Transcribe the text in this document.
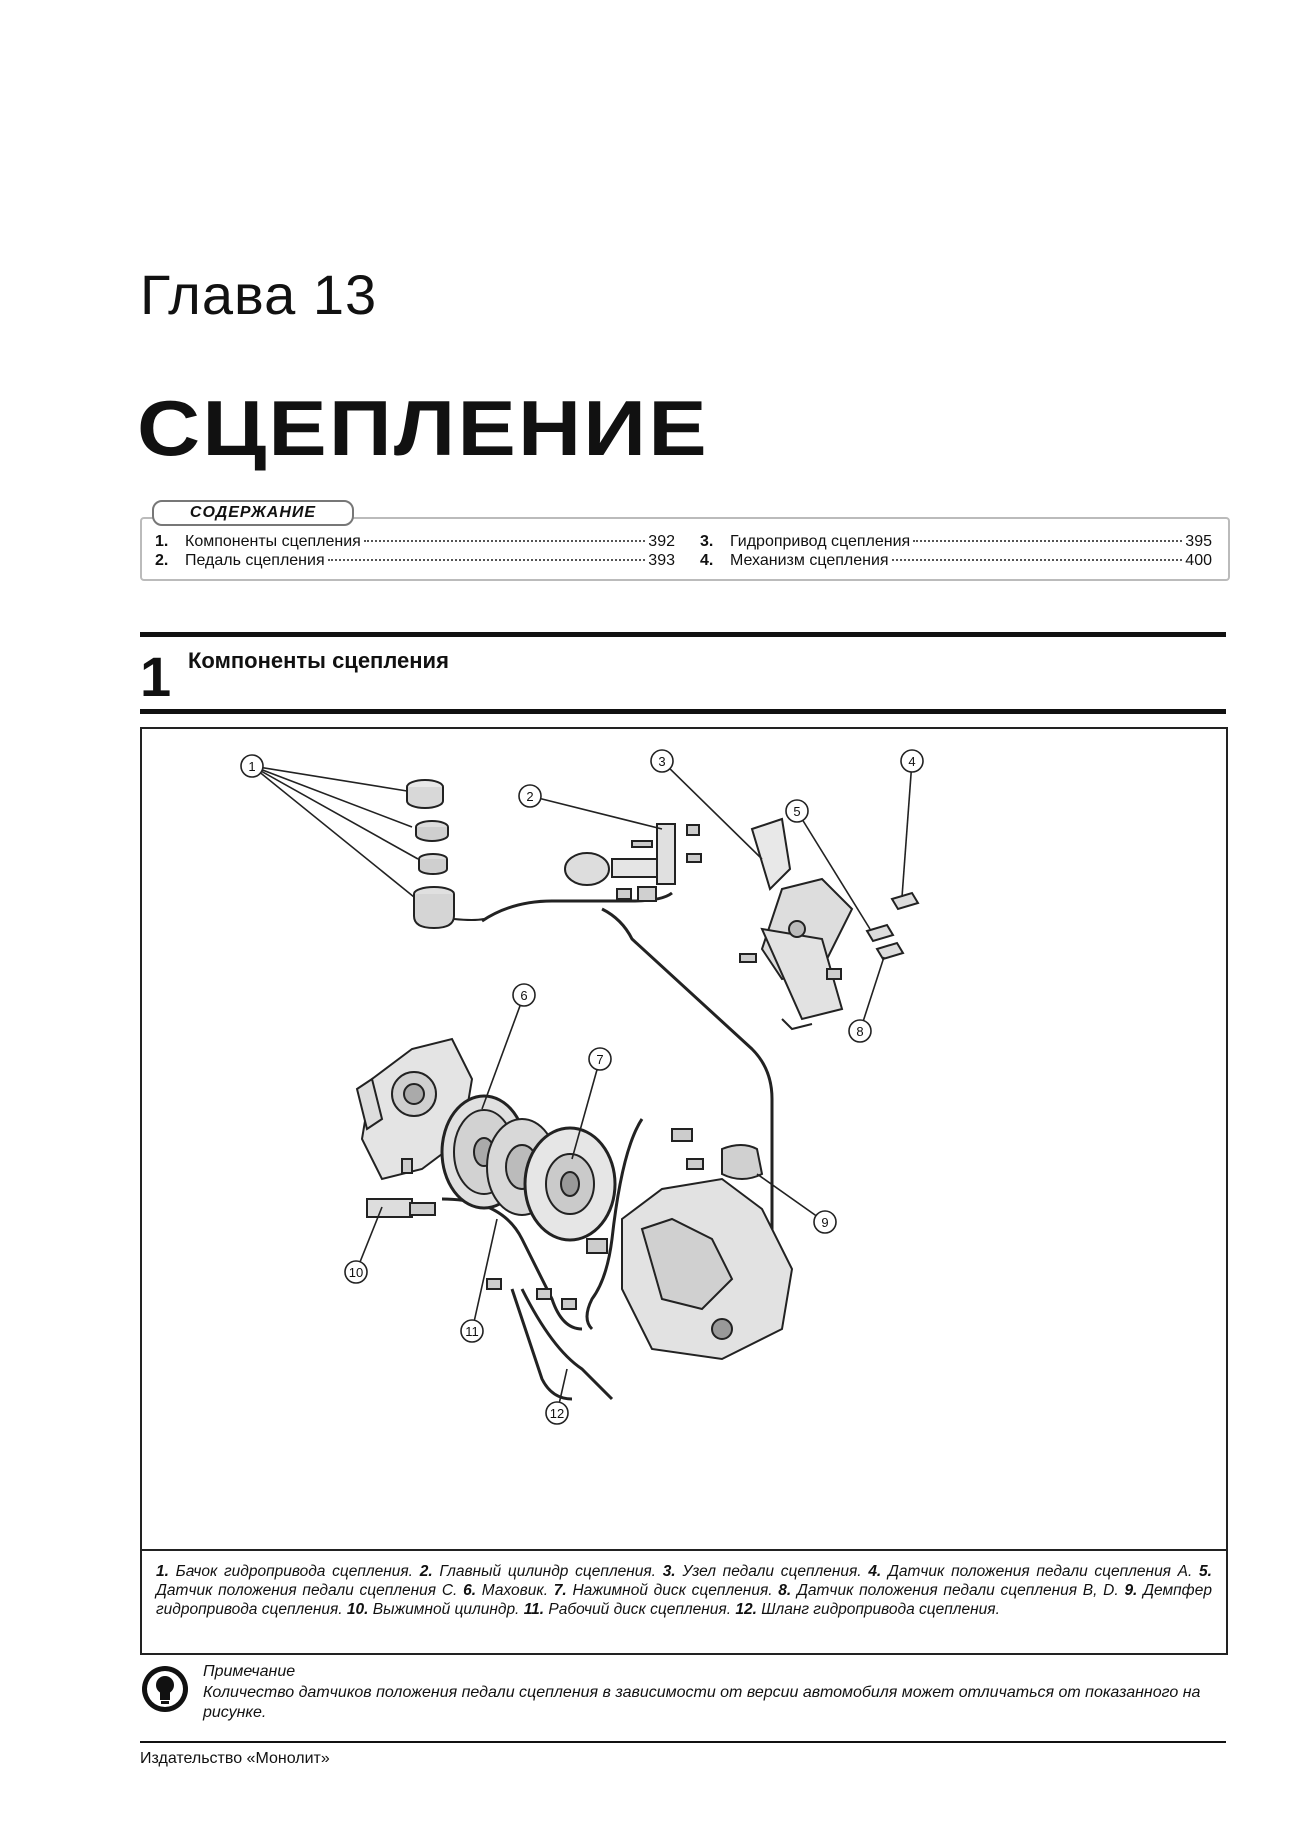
Глава 13
СЦЕПЛЕНИЕ
СОДЕРЖАНИЕ
1.	Компоненты сцепления	392
2.	Педаль сцепления	393
3.	Гидропривод сцепления	395
4.	Механизм сцепления	400
1 Компоненты сцепления
1
2
3	4
5
6
7
8
9
10
11
12
1. Бачок гидропривода сцепления. 2. Главный цилиндр сцепления. 3. Узел педали сцепления. 4. Датчик положения педали сцепления А. 5. Датчик положения педали сцепления С. 6. Маховик. 7. Нажимной диск сцепления. 8. Датчик положения педали сцепления B, D. 9. Демпфер гидропривода сцепления. 10. Выжимной цилиндр. 11. Рабочий диск сцепления. 12. Шланг гидропривода сцепления.
Примечание
Количество датчиков положения педали сцепления в зависимости от версии автомобиля может отличаться от показанного на рисунке.
Издательство «Монолит»
